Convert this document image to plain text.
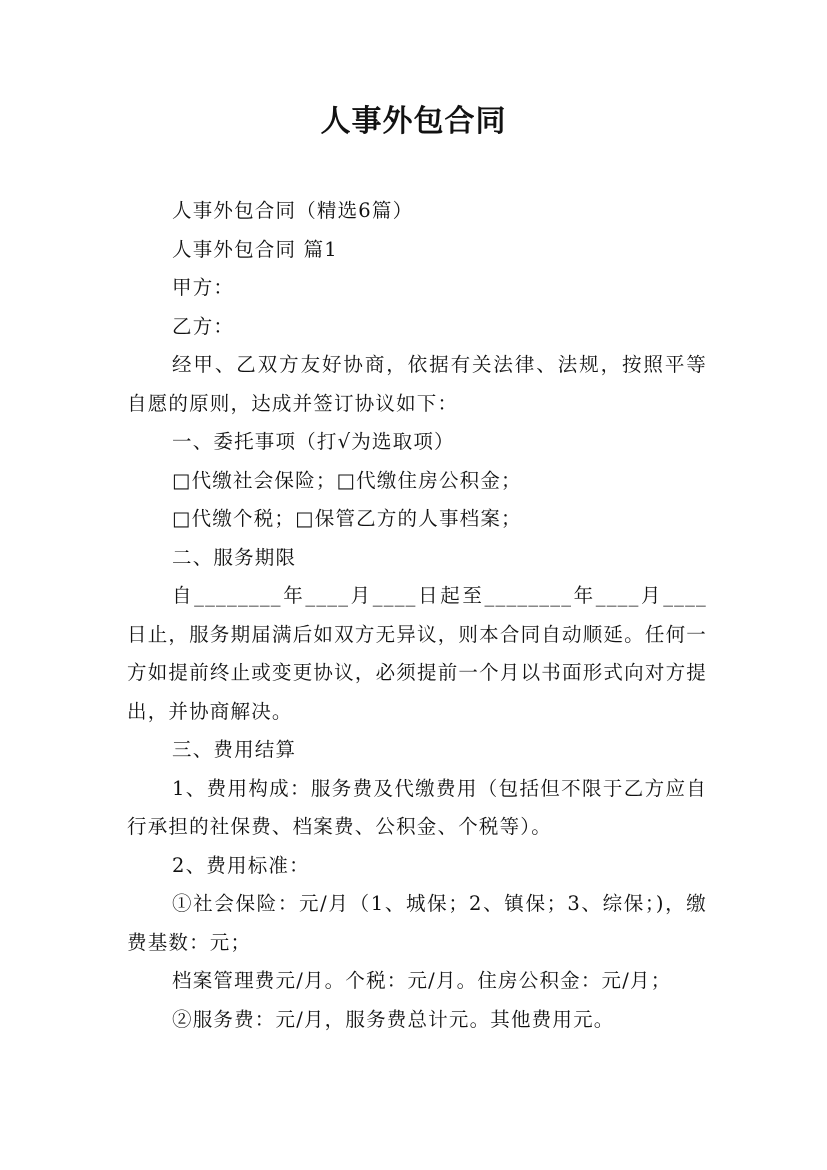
人事外包合同

人事外包合同（精选6篇）

人事外包合同 篇1

甲方：

乙方：

经甲、乙双方友好协商，依据有关法律、法规，按照平等自愿的原则，达成并签订协议如下：

一、委托事项（打√为选取项）

□代缴社会保险；□代缴住房公积金；

□代缴个税；□保管乙方的人事档案；

二、服务期限

自________年____月____日起至________年____月____日止，服务期届满后如双方无异议，则本合同自动顺延。任何一方如提前终止或变更协议，必须提前一个月以书面形式向对方提出，并协商解决。

三、费用结算

1、费用构成：服务费及代缴费用（包括但不限于乙方应自行承担的社保费、档案费、公积金、个税等）。

2、费用标准：

①社会保险：元/月（1、城保；2、镇保；3、综保；)，缴费基数：元；

档案管理费元/月。个税：元/月。住房公积金：元/月；

②服务费：元/月，服务费总计元。其他费用元。
